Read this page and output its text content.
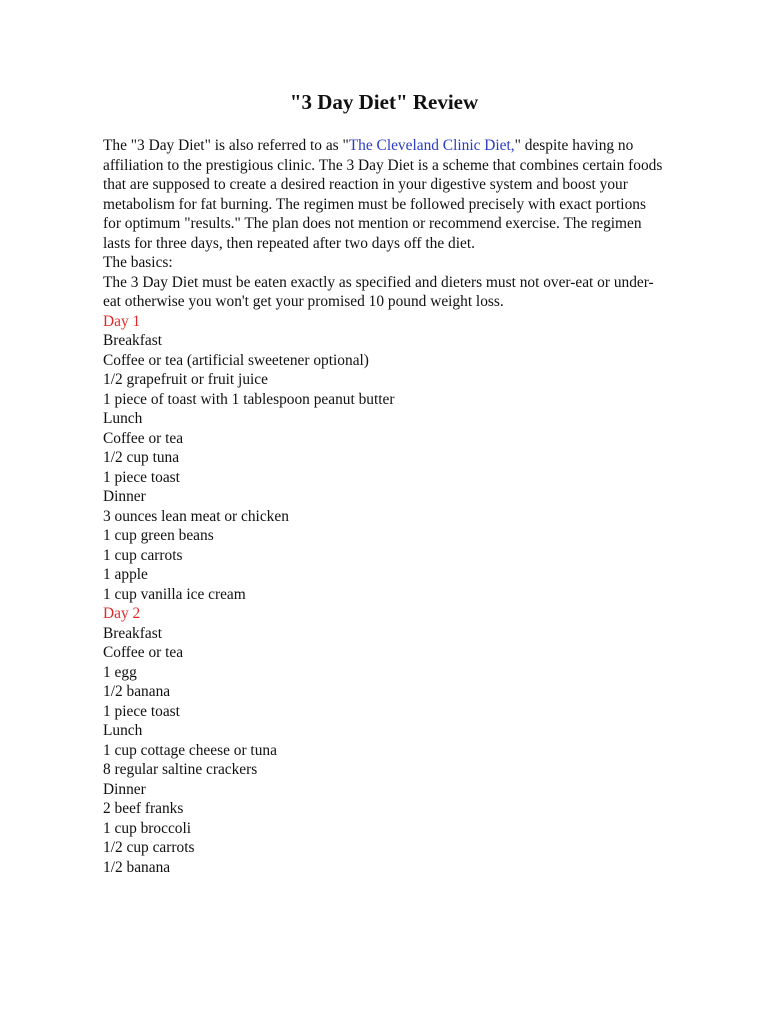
"3 Day Diet" Review

The "3 Day Diet" is also referred to as "The Cleveland Clinic Diet," despite having no affiliation to the prestigious clinic. The 3 Day Diet is a scheme that combines certain foods that are supposed to create a desired reaction in your digestive system and boost your metabolism for fat burning. The regimen must be followed precisely with exact portions for optimum "results." The plan does not mention or recommend exercise. The regimen lasts for three days, then repeated after two days off the diet.

The basics:

The 3 Day Diet must be eaten exactly as specified and dieters must not over-eat or under-eat otherwise you won't get your promised 10 pound weight loss.

Day 1

Breakfast
Coffee or tea (artificial sweetener optional)
1/2 grapefruit or fruit juice
1 piece of toast with 1 tablespoon peanut butter
Lunch
Coffee or tea
1/2 cup tuna
1 piece toast
Dinner
3 ounces lean meat or chicken
1 cup green beans
1 cup carrots
1 apple
1 cup vanilla ice cream

Day 2

Breakfast
Coffee or tea
1 egg
1/2 banana
1 piece toast
Lunch
1 cup cottage cheese or tuna
8 regular saltine crackers
Dinner
2 beef franks
1 cup broccoli
1/2 cup carrots
1/2 banana
